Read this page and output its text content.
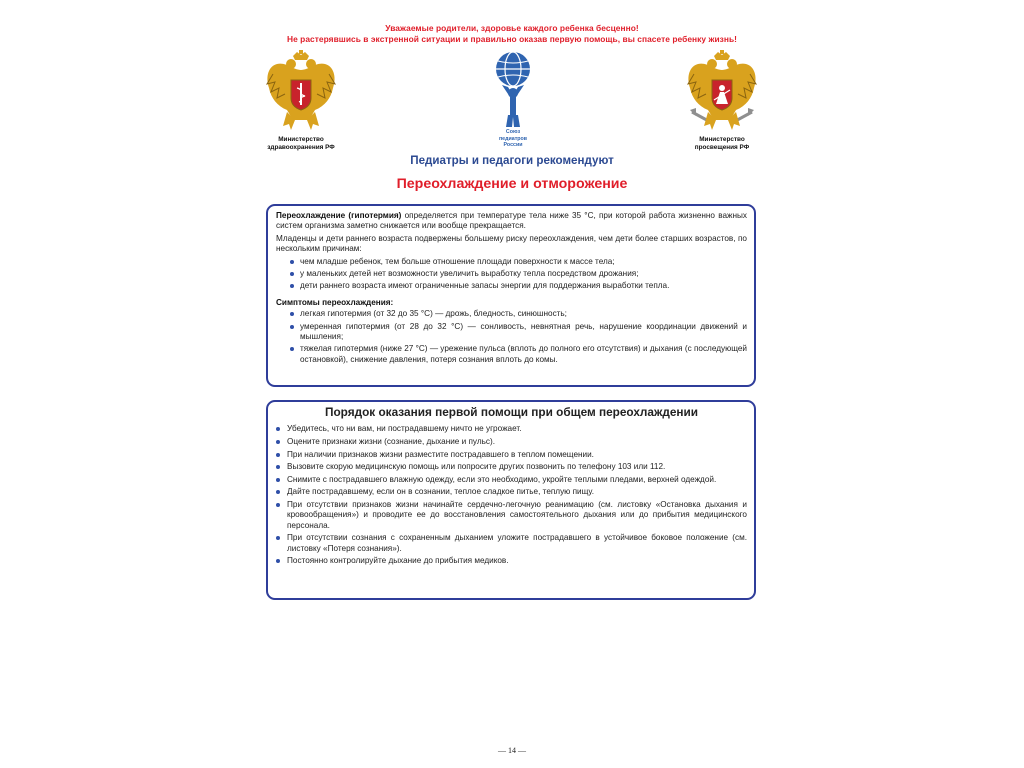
Уважаемые родители, здоровье каждого ребенка бесценно!
Не растерявшись в экстренной ситуации и правильно оказав первую помощь, вы спасете ребенку жизнь!
Министерство
здравоохранения РФ
Союз
педиатров
России
Министерство
просвещения РФ
Педиатры и педагоги рекомендуют
Переохлаждение и отморожение

Переохлаждение (гипотермия) определяется при температуре тела ниже 35 °C, при которой работа жизненно важных систем организма заметно снижается или вообще прекращается.

Младенцы и дети раннего возраста подвержены большему риску переохлаждения, чем дети более старших возрастов, по нескольким причинам:

чем младше ребенок, тем больше отношение площади поверхности к массе тела;
у маленьких детей нет возможности увеличить выработку тепла посредством дрожания;
дети раннего возраста имеют ограниченные запасы энергии для поддержания выработки тепла.
Симптомы переохлаждения:
легкая гипотермия (от 32 до 35 °C) — дрожь, бледность, синюшность;
умеренная гипотермия (от 28 до 32 °C) — сонливость, невнятная речь, нарушение координации движений и мышления;
тяжелая гипотермия (ниже 27 °C) — урежение пульса (вплоть до полного его отсутствия) и дыхания (с последующей остановкой), снижение давления, потеря сознания вплоть до комы.
Порядок оказания первой помощи при общем переохлаждении
Убедитесь, что ни вам, ни пострадавшему ничто не угрожает.
Оцените признаки жизни (сознание, дыхание и пульс).
При наличии признаков жизни разместите пострадавшего в теплом помещении.
Вызовите скорую медицинскую помощь или попросите других позвонить по телефону 103 или 112.
Снимите с пострадавшего влажную одежду, если это необходимо, укройте теплыми пледами, верхней одеждой.
Дайте пострадавшему, если он в сознании, теплое сладкое питье, теплую пищу.
При отсутствии признаков жизни начинайте сердечно-легочную реанимацию (см. листовку «Остановка дыхания и кровообращения») и проводите ее до восстановления самостоятельного дыхания или до прибытия медицинского персонала.
При отсутствии сознания с сохраненным дыханием уложите пострадавшего в устойчивое боковое положение (см. листовку «Потеря сознания»).
Постоянно контролируйте дыхание до прибытия медиков.
— 14 —
